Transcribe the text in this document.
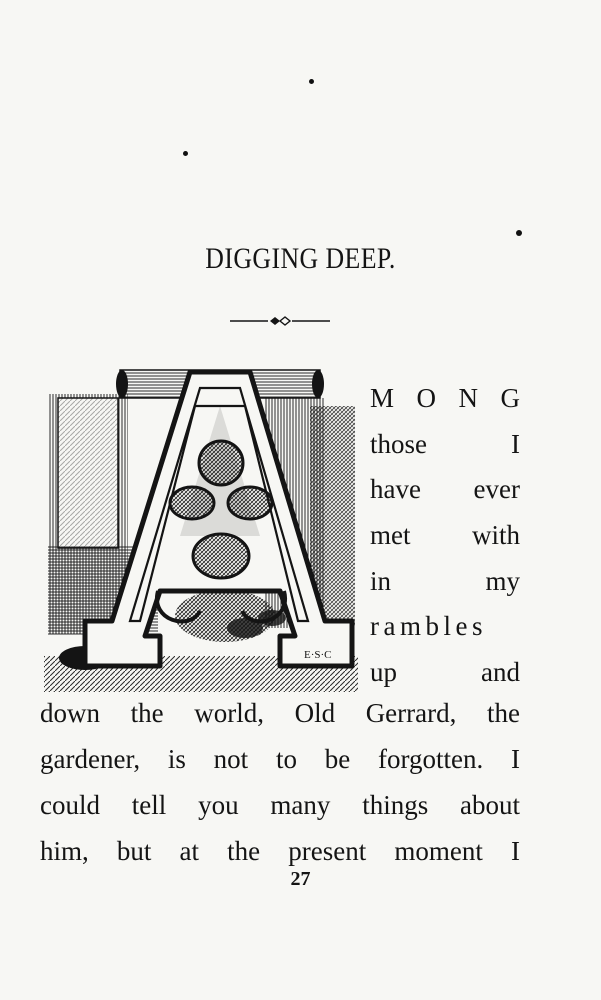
DIGGING DEEP.
E·S·C
M O N G
those	I
have ever
met with
in	my
rambles
up	and
down the world, Old Gerrard, the
gardener, is not to be forgotten. I
could tell you many things about
him, but at the present moment I
27
